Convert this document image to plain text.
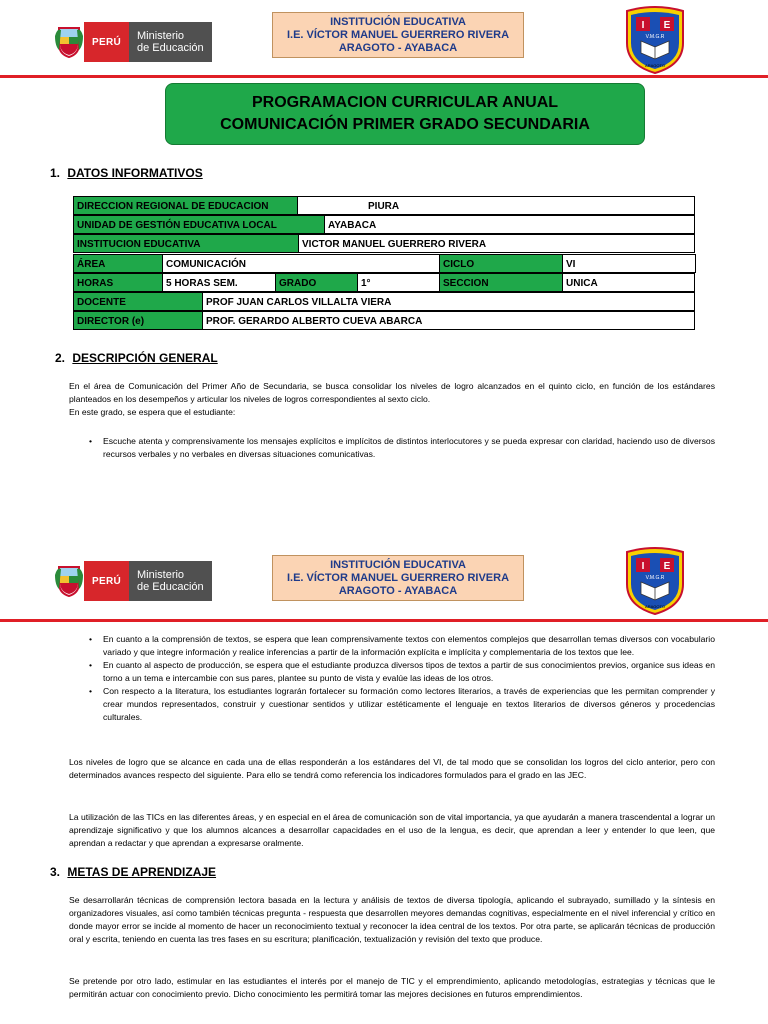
PERÚ	Ministerio
de Educación
INSTITUCIÓN EDUCATIVA
I.E. VÍCTOR MANUEL GUERRERO RIVERA
ARAGOTO - AYABACA
I E
V.M.G.R
ARAGOTO
PROGRAMACION CURRICULAR ANUAL
COMUNICACIÓN PRIMER GRADO SECUNDARIA
1. DATOS INFORMATIVOS
DIRECCION REGIONAL DE EDUCACION	PIURA
UNIDAD DE GESTIÓN EDUCATIVA LOCAL	AYABACA
INSTITUCION EDUCATIVA	VICTOR MANUEL GUERRERO RIVERA
ÁREA	COMUNICACIÓN	CICLO	VI
HORAS	5 HORAS SEM.	GRADO	1°	SECCION	UNICA
DOCENTE	PROF JUAN CARLOS VILLALTA VIERA
DIRECTOR (e)	PROF. GERARDO ALBERTO CUEVA ABARCA
2. DESCRIPCIÓN GENERAL
En el área de Comunicación del Primer Año de Secundaria, se busca consolidar los niveles de logro alcanzados en el quinto ciclo, en función de los estándares planteados en los desempeños y articular los niveles de logros correspondientes al sexto ciclo.
En este grado, se espera que el estudiante:
• Escuche atenta y comprensivamente los mensajes explícitos e implícitos de distintos interlocutores y se pueda expresar con claridad, haciendo uso de diversos recursos verbales y no verbales en diversas situaciones comunicativas.
PERÚ	Ministerio
de Educación
INSTITUCIÓN EDUCATIVA
I.E. VÍCTOR MANUEL GUERRERO RIVERA
ARAGOTO - AYABACA
I E
V.M.G.R
ARAGOTO
• En cuanto a la comprensión de textos, se espera que lean comprensivamente textos con elementos complejos que desarrollan temas diversos con vocabulario variado y que integre información y realice inferencias a partir de la información explícita e implícita y complementaria de los textos que lee.
• En cuanto al aspecto de producción, se espera que el estudiante produzca diversos tipos de textos a partir de sus conocimientos previos, organice sus ideas en torno a un tema e intercambie con sus pares, plantee su punto de vista y evalúe las ideas de los otros.
• Con respecto a la literatura, los estudiantes lograrán fortalecer su formación como lectores literarios, a través de experiencias que les permitan comprender y crear mundos representados, construir y cuestionar sentidos y utilizar estéticamente el lenguaje en textos literarios de diversos géneros y procedencias culturales.
Los niveles de logro que se alcance en cada una de ellas responderán a los estándares del VI, de tal modo que se consolidan los logros del ciclo anterior, pero con determinados avances respecto del siguiente. Para ello se tendrá como referencia los indicadores formulados para el grado en las JEC.
La utilización de las TICs en las diferentes áreas, y en especial en el área de comunicación son de vital importancia, ya que ayudarán a manera trascendental a lograr un aprendizaje significativo y que los alumnos alcances a desarrollar capacidades en el uso de la lengua, es decir, que aprendan a leer y entender lo que leen, que aprendan a redactar y que aprendan a expresarse oralmente.
3. METAS DE APRENDIZAJE
Se desarrollarán técnicas de comprensión lectora basada en la lectura y análisis de textos de diversa tipología, aplicando el subrayado, sumillado y la síntesis en organizadores visuales, así como también técnicas pregunta - respuesta que desarrollen meyores demandas cognitivas, especialmente en el nivel inferencial y crítico en donde mayor error se incide al momento de hacer un reconocimiento textual y reconocer la idea central de los textos. Por otra parte, se aplicarán técnicas de producción oral y escrita, teniendo en cuenta las tres fases en su escritura; planificación, textualización y revisión del texto que produce.
Se pretende por otro lado, estimular en las estudiantes el interés por el manejo de TIC y el emprendimiento, aplicando metodologías, estrategias y técnicas que le permitirán actuar con conocimiento previo. Dicho conocimiento les permitirá tomar las mejores decisiones en futuros emprendimientos.
